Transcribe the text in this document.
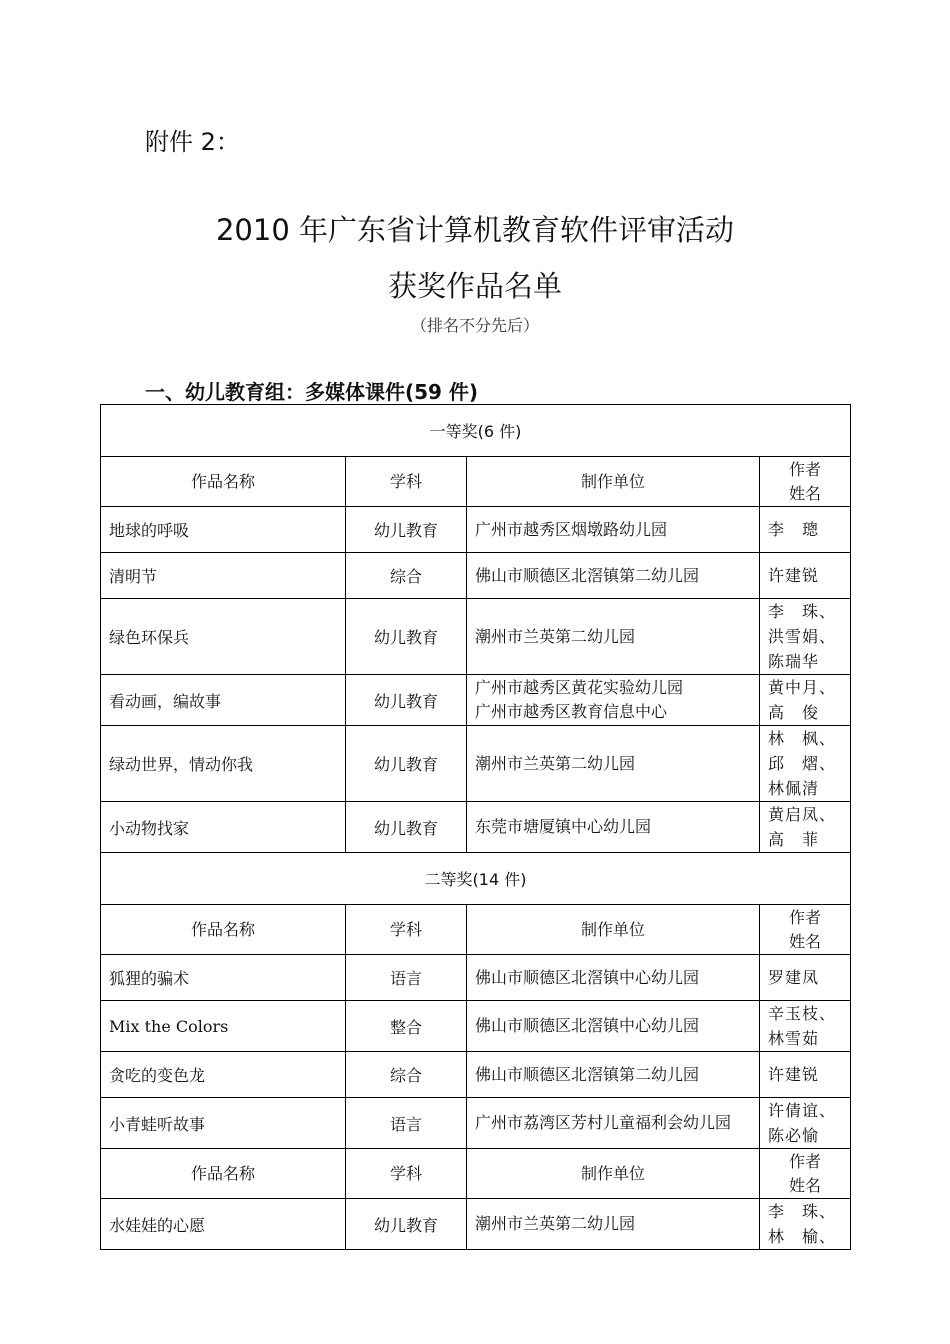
附件 2：
2010 年广东省计算机教育软件评审活动
获奖作品名单
（排名不分先后）
一、幼儿教育组：多媒体课件(59 件)
一等奖(6 件)			
作品名称	学科	制作单位	作者
姓名
地球的呼吸	幼儿教育	广州市越秀区烟墩路幼儿园	李　璁
清明节	综合	佛山市顺德区北滘镇第二幼儿园	许建锐
绿色环保兵	幼儿教育	潮州市兰英第二幼儿园	李　珠、
洪雪娟、
陈瑞华
看动画，编故事	幼儿教育	广州市越秀区黄花实验幼儿园
广州市越秀区教育信息中心	黄中月、
高　俊
绿动世界，情动你我	幼儿教育	潮州市兰英第二幼儿园	林　枫、
邱　熠、
林佩清
小动物找家	幼儿教育	东莞市塘厦镇中心幼儿园	黄启凤、
高　菲
二等奖(14 件)			
作品名称	学科	制作单位	作者
姓名
狐狸的骗术	语言	佛山市顺德区北滘镇中心幼儿园	罗建凤
Mix the Colors	整合	佛山市顺德区北滘镇中心幼儿园	辛玉枝、
林雪茹
贪吃的变色龙	综合	佛山市顺德区北滘镇第二幼儿园	许建锐
小青蛙听故事	语言	广州市荔湾区芳村儿童福利会幼儿园	许倩谊、
陈必愉
作品名称	学科	制作单位	作者
姓名
水娃娃的心愿	幼儿教育	潮州市兰英第二幼儿园	李　珠、
林　榆、
